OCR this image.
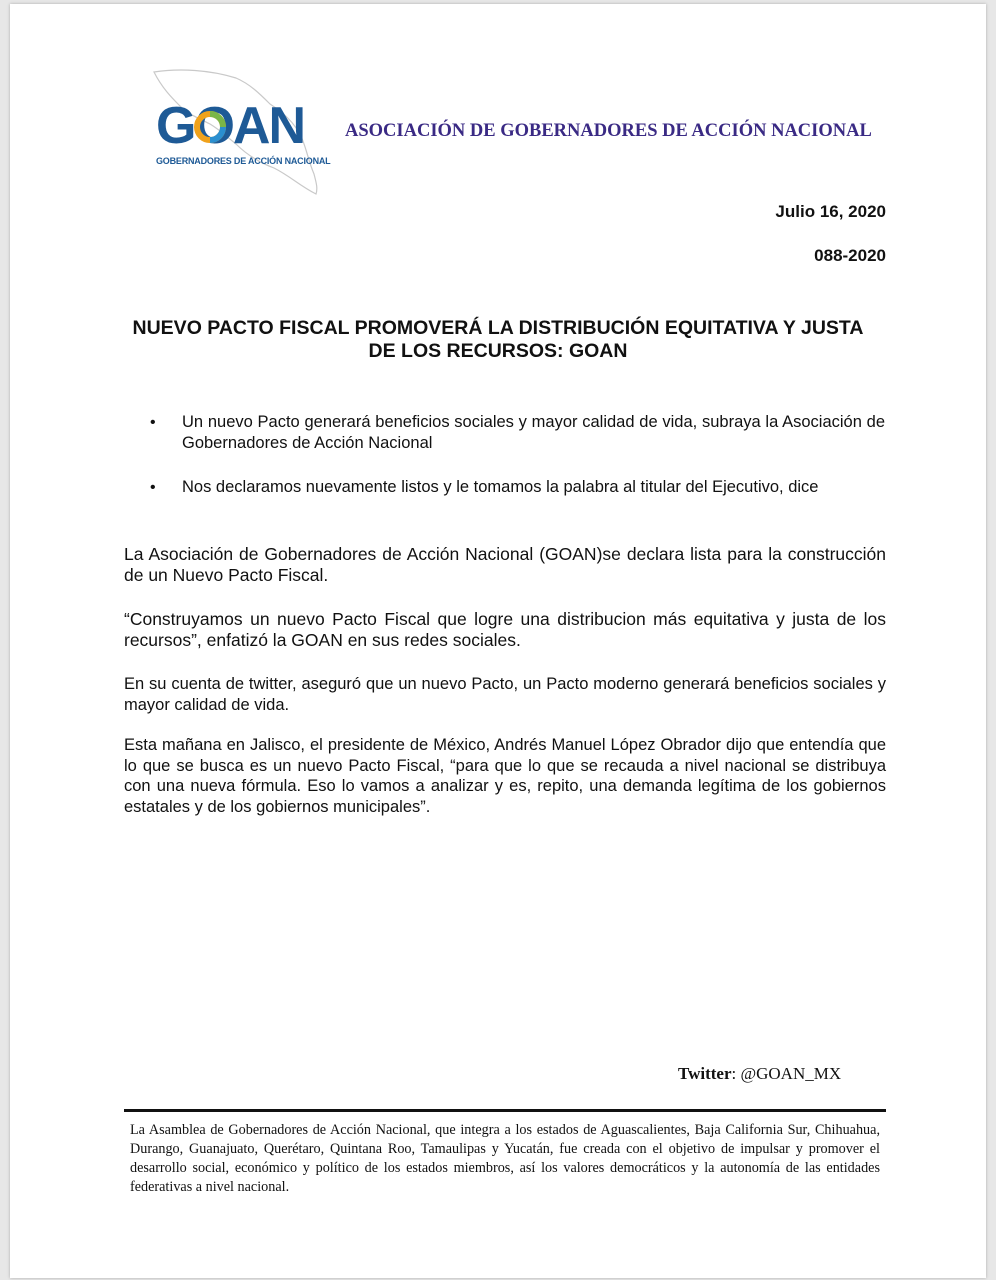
GOAN
GOBERNADORES DE ACCIÓN NACIONAL
ASOCIACIÓN DE GOBERNADORES DE ACCIÓN NACIONAL
Julio 16, 2020
088-2020
NUEVO PACTO FISCAL PROMOVERÁ LA DISTRIBUCIÓN EQUITATIVA Y JUSTA DE LOS RECURSOS: GOAN
• Un nuevo Pacto generará beneficios sociales y mayor calidad de vida, subraya la Asociación de Gobernadores de Acción Nacional
• Nos declaramos nuevamente listos y le tomamos la palabra al titular del Ejecutivo, dice

La Asociación de Gobernadores de Acción Nacional (GOAN)se declara lista para la construcción de un Nuevo Pacto Fiscal.

“Construyamos un nuevo Pacto Fiscal que logre una distribucion más equitativa y justa de los recursos”, enfatizó la GOAN en sus redes sociales.

En su cuenta de twitter, aseguró que un nuevo Pacto, un Pacto moderno generará beneficios sociales y mayor calidad de vida.

Esta mañana en Jalisco, el presidente de México, Andrés Manuel López Obrador dijo que entendía que lo que se busca es un nuevo Pacto Fiscal, “para que lo que se recauda a nivel nacional se distribuya con una nueva fórmula. Eso lo vamos a analizar y es, repito, una demanda legítima de los gobiernos estatales y de los gobiernos municipales”.

Twitter: @GOAN_MX
La Asamblea de Gobernadores de Acción Nacional, que integra a los estados de Aguascalientes, Baja California Sur, Chihuahua, Durango, Guanajuato, Querétaro, Quintana Roo, Tamaulipas y Yucatán, fue creada con el objetivo de impulsar y promover el desarrollo social, económico y político de los estados miembros, así los valores democráticos y la autonomía de las entidades federativas a nivel nacional.
